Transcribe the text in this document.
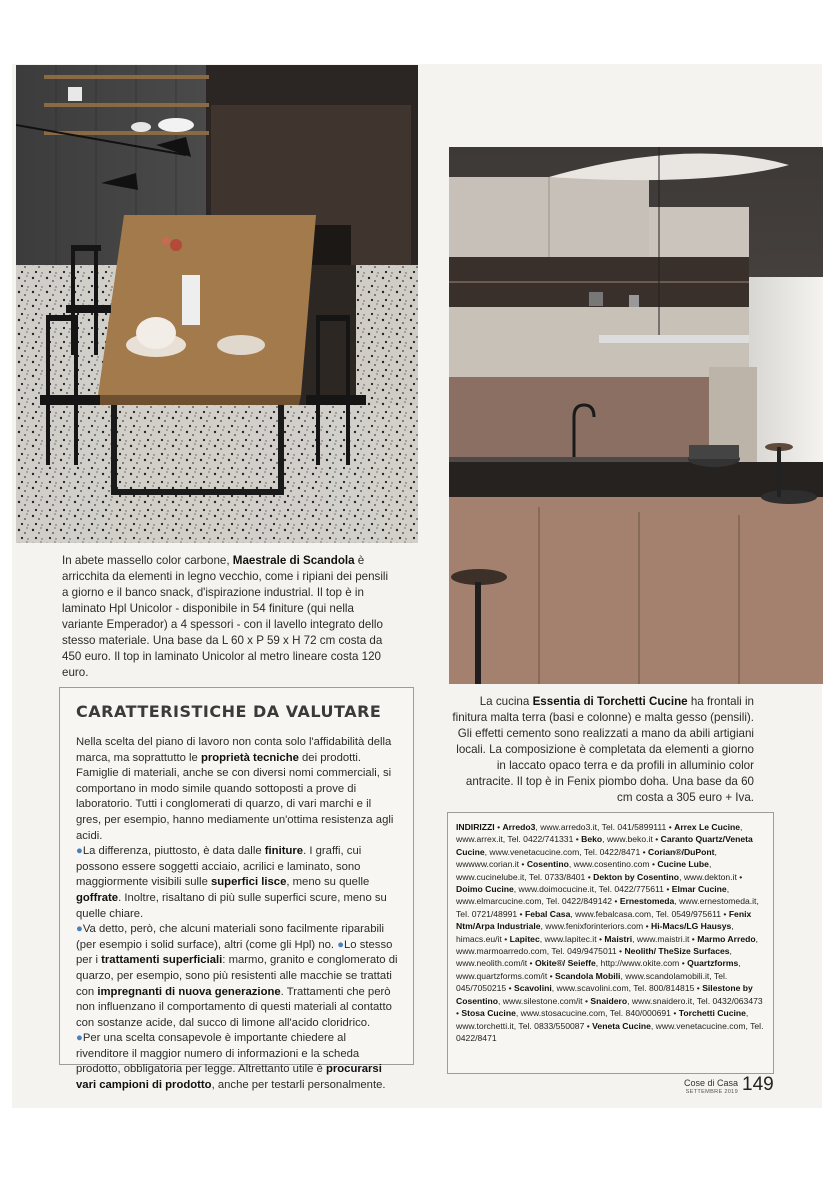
In abete massello color carbone, Maestrale di Scandola è arricchita da elementi in legno vecchio, come i ripiani dei pensili a giorno e il banco snack, d'ispirazione industrial. Il top è in laminato Hpl Unicolor - disponibile in 54 finiture (qui nella variante Emperador) a 4 spessori - con il lavello integrato dello stesso materiale. Una base da L 60 x P 59 x H 72 cm costa da 450 euro. Il top in laminato Unicolor al metro lineare costa 120 euro.
CARATTERISTICHE DA VALUTARE
Nella scelta del piano di lavoro non conta solo l'affidabilità della marca, ma soprattutto le proprietà tecniche dei prodotti. Famiglie di materiali, anche se con diversi nomi commerciali, si comportano in modo simile quando sottoposti a prove di laboratorio. Tutti i conglomerati di quarzo, di vari marchi e il gres, per esempio, hanno mediamente un'ottima resistenza agli acidi.
●La differenza, piuttosto, è data dalle finiture. I graffi, cui possono essere soggetti acciaio, acrilici e laminato, sono maggiormente visibili sulle superfici lisce, meno su quelle goffrate. Inoltre, risaltano di più sulle superfici scure, meno su quelle chiare.
●Va detto, però, che alcuni materiali sono facilmente riparabili (per esempio i solid surface), altri (come gli Hpl) no. ●Lo stesso per i trattamenti superficiali: marmo, granito e conglomerato di quarzo, per esempio, sono più resistenti alle macchie se trattati con impregnanti di nuova generazione. Trattamenti che però non influenzano il comportamento di questi materiali al contatto con sostanze acide, dal succo di limone all'acido cloridrico.
●Per una scelta consapevole è importante chiedere al rivenditore il maggior numero di informazioni e la scheda prodotto, obbligatoria per legge. Altrettanto utile è procurarsi vari campioni di prodotto, anche per testarli personalmente.
La cucina Essentia di Torchetti Cucine ha frontali in finitura malta terra (basi e colonne) e malta gesso (pensili). Gli effetti cemento sono realizzati a mano da abili artigiani locali. La composizione è completata da elementi a giorno in laccato opaco terra e da profili in alluminio color antracite. Il top è in Fenix piombo doha. Una base da 60 cm costa a 305 euro + Iva.
INDIRIZZI • Arredo3, www.arredo3.it, Tel. 041/5899111 • Arrex Le Cucine, www.arrex.it, Tel. 0422/741331 • Beko, www.beko.it • Caranto Quartz/Veneta Cucine, www.venetacucine.com, Tel. 0422/8471 • Corian®/DuPont, wwwww.corian.it • Cosentino, www.cosentino.com • Cucine Lube, www.cucinelube.it, Tel. 0733/8401 • Dekton by Cosentino, www.dekton.it • Doimo Cucine, www.doimocucine.it, Tel. 0422/775611 • Elmar Cucine, www.elmarcucine.com, Tel. 0422/849142 • Ernestomeda, www.ernestomeda.it, Tel. 0721/48991 • Febal Casa, www.febalcasa.com, Tel. 0549/975611 • Fenix Ntm/Arpa Industriale, www.fenixforinteriors.com • Hi-Macs/LG Hausys, himacs.eu/it • Lapitec, www.lapitec.it • Maistri, www.maistri.it • Marmo Arredo, www.marmoarredo.com, Tel. 049/9475011 • Neolith/ TheSize Surfaces, www.neolith.com/it • Okite®/ Seieffe, http://www.okite.com • Quartzforms, www.quartzforms.com/it • Scandola Mobili, www.scandolamobili.it, Tel. 045/7050215 • Scavolini, www.scavolini.com, Tel. 800/814815 • Silestone by Cosentino, www.silestone.com/it • Snaidero, www.snaidero.it, Tel. 0432/063473 • Stosa Cucine, www.stosacucine.com, Tel. 840/000691 • Torchetti Cucine, www.torchetti.it, Tel. 0833/550087 • Veneta Cucine, www.venetacucine.com, Tel. 0422/8471
Cose di Casa
SETTEMBRE 2019 149
